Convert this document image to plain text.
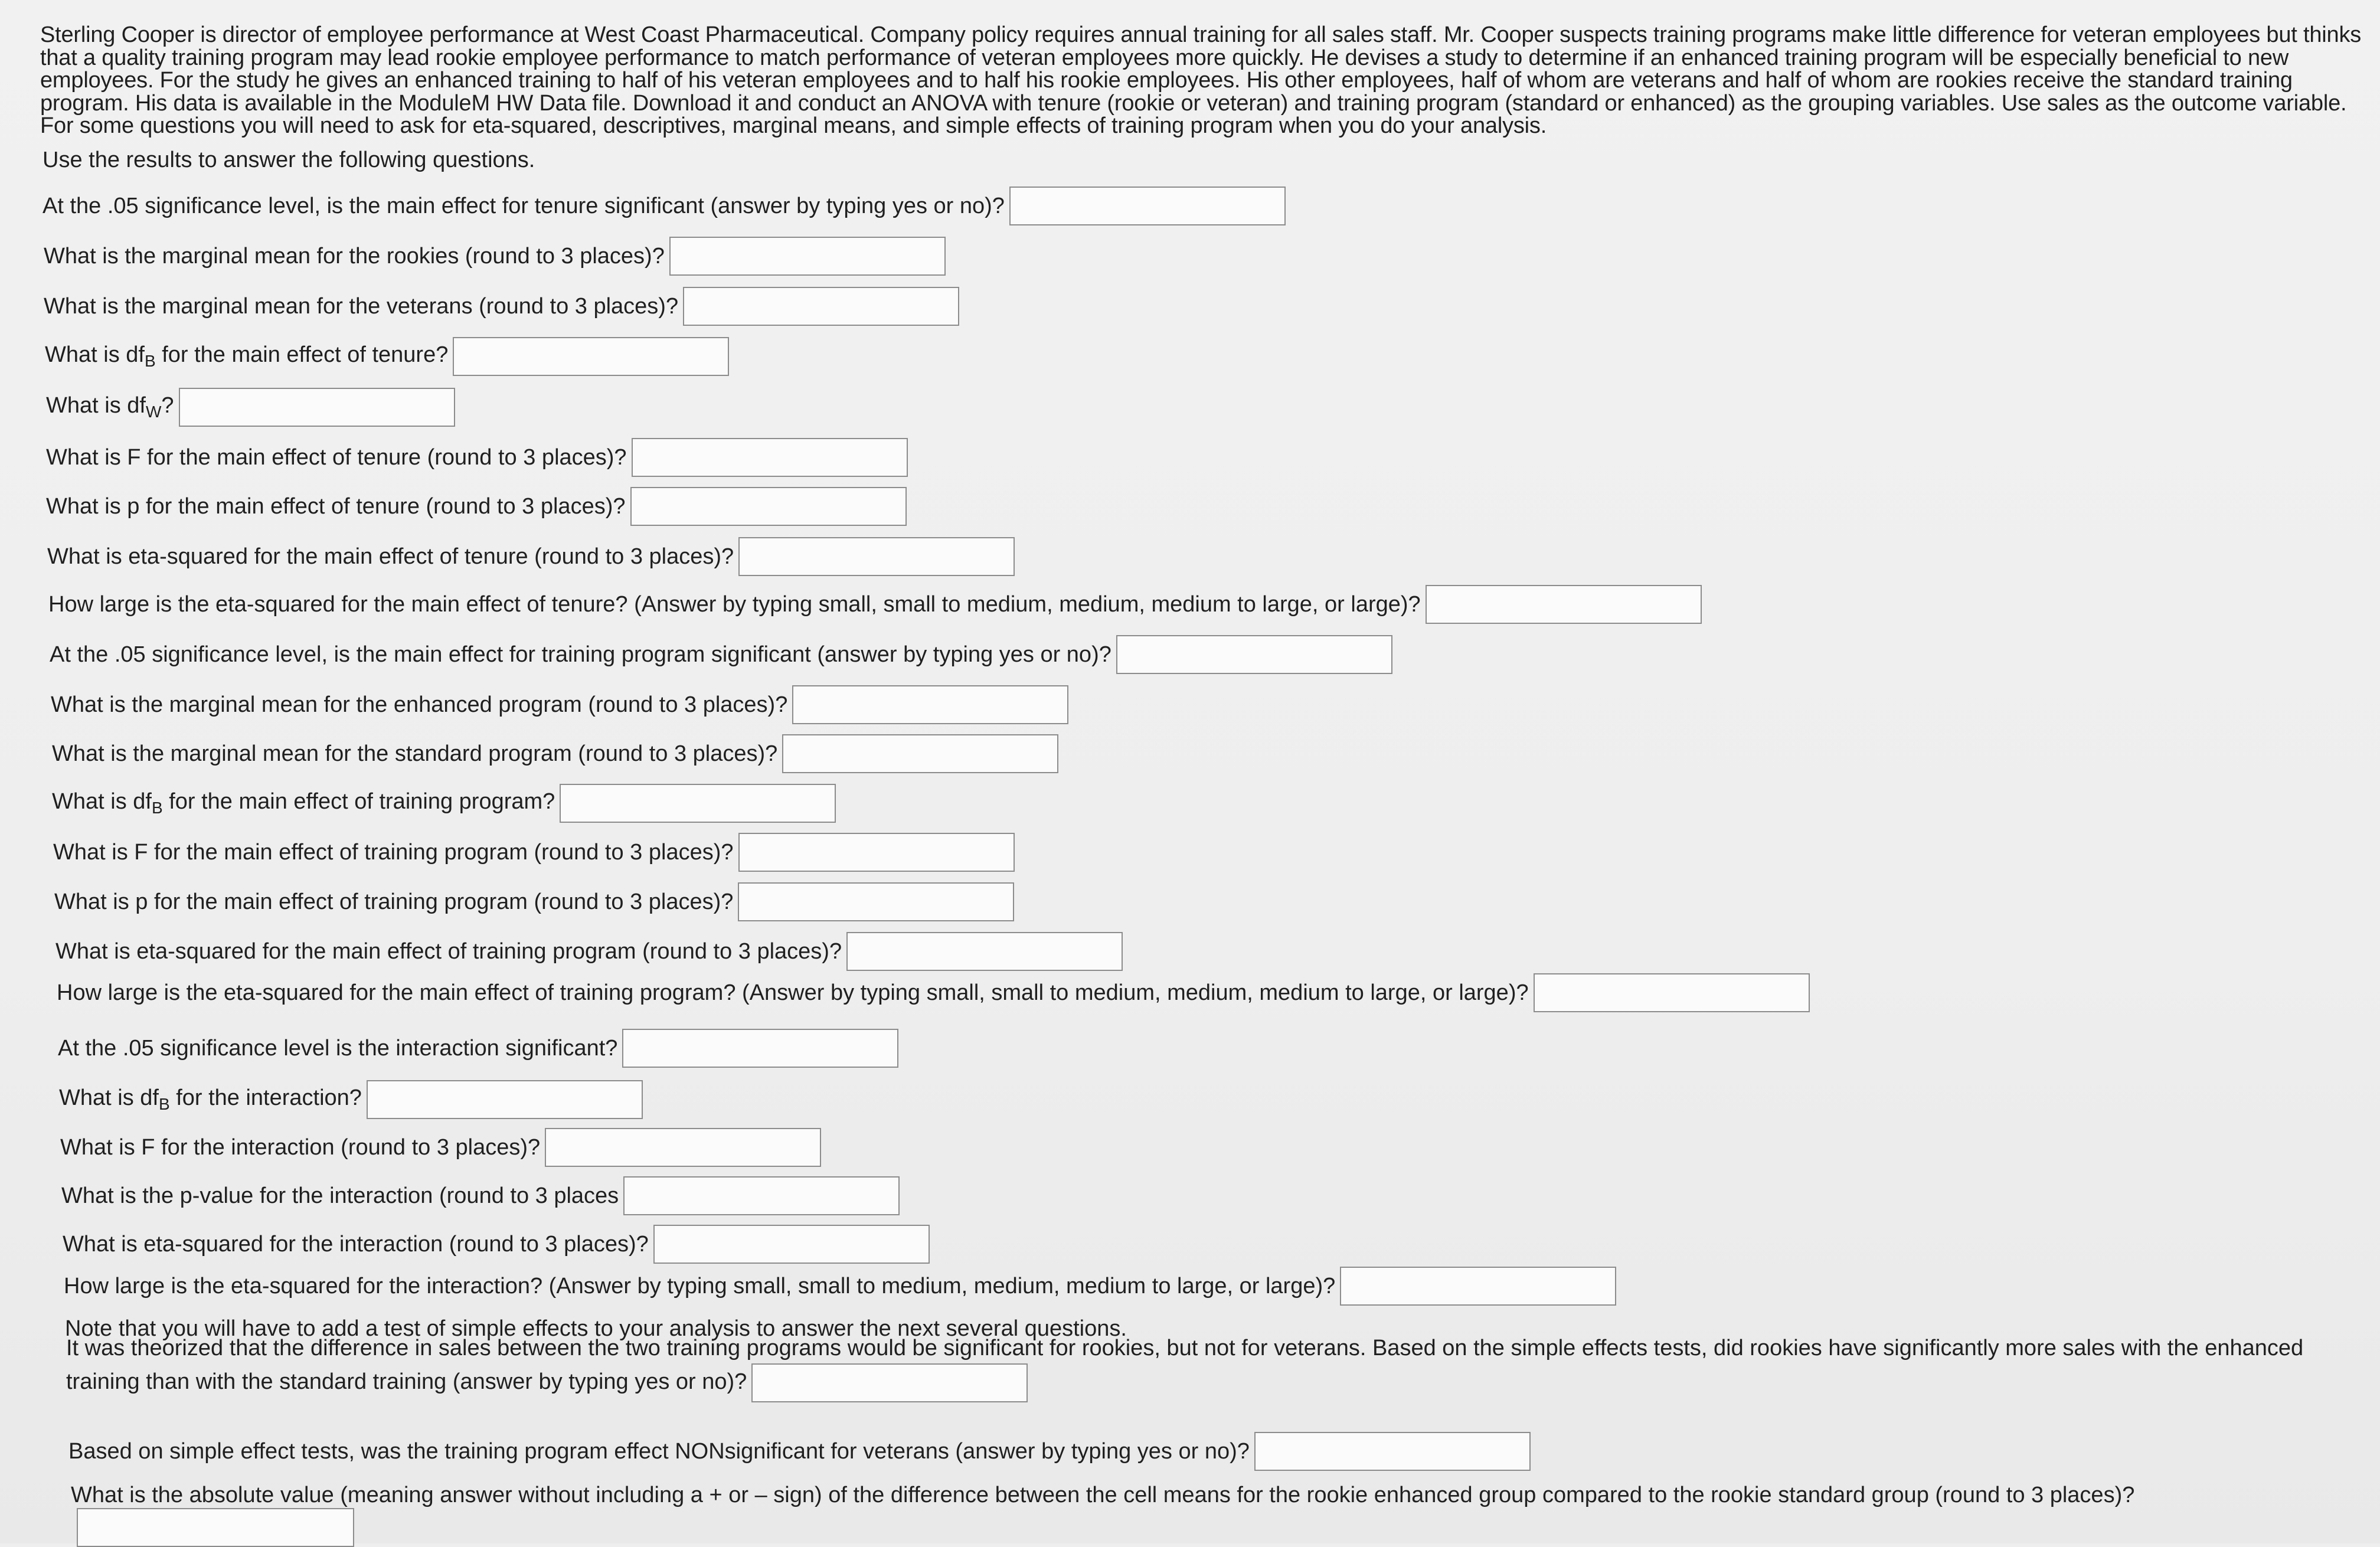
Sterling Cooper is director of employee performance at West Coast Pharmaceutical. Company policy requires annual training for all sales staff. Mr. Cooper suspects training programs make little difference for veteran employees but thinks that a quality training program may lead rookie employee performance to match performance of veteran employees more quickly. He devises a study to determine if an enhanced training program will be especially beneficial to new employees. For the study he gives an enhanced training to half of his veteran employees and to half his rookie employees. His other employees, half of whom are veterans and half of whom are rookies receive the standard training program. His data is available in the ModuleM HW Data file. Download it and conduct an ANOVA with tenure (rookie or veteran) and training program (standard or enhanced) as the grouping variables. Use sales as the outcome variable. For some questions you will need to ask for eta-squared, descriptives, marginal means, and simple effects of training program when you do your analysis.

Use the results to answer the following questions.

At the .05 significance level, is the main effect for tenure significant (answer by typing yes or no)?
What is the marginal mean for the rookies (round to 3 places)?
What is the marginal mean for the veterans (round to 3 places)?
What is $df_B$ for the main effect of tenure?
What is $df_W$?
What is F for the main effect of tenure (round to 3 places)?
What is p for the main effect of tenure (round to 3 places)?
What is eta-squared for the main effect of tenure (round to 3 places)?
How large is the eta-squared for the main effect of tenure? (Answer by typing small, small to medium, medium, medium to large, or large)?
At the .05 significance level, is the main effect for training program significant (answer by typing yes or no)?
What is the marginal mean for the enhanced program (round to 3 places)?
What is the marginal mean for the standard program (round to 3 places)?
What is $df_B$ for the main effect of training program?
What is F for the main effect of training program (round to 3 places)?
What is p for the main effect of training program (round to 3 places)?
What is eta-squared for the main effect of training program (round to 3 places)?
How large is the eta-squared for the main effect of training program? (Answer by typing small, small to medium, medium, medium to large, or large)?
At the .05 significance level is the interaction significant?
What is $df_B$ for the interaction?
What is F for the interaction (round to 3 places)?
What is the p-value for the interaction (round to 3 places
What is eta-squared for the interaction (round to 3 places)?
How large is the eta-squared for the interaction? (Answer by typing small, small to medium, medium, medium to large, or large)?

Note that you will have to add a test of simple effects to your analysis to answer the next several questions.

It was theorized that the difference in sales between the two training programs would be significant for rookies, but not for veterans. Based on the simple effects tests, did rookies have significantly more sales with the enhanced training than with the standard training (answer by typing yes or no)?

Based on simple effect tests, was the training program effect NONsignificant for veterans (answer by typing yes or no)?

What is the absolute value (meaning answer without including a + or – sign) of the difference between the cell means for the rookie enhanced group compared to the rookie standard group (round to 3 places)?
